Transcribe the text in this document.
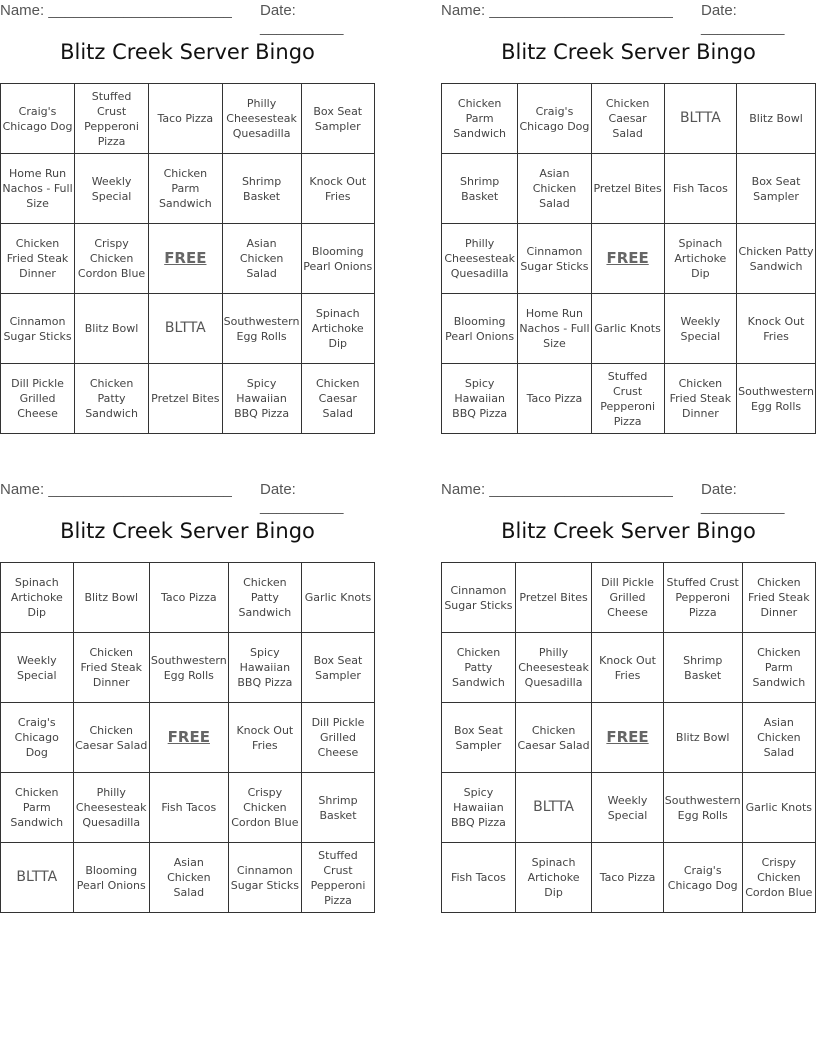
Name: ______________________ Date: __________
Blitz Creek Server Bingo
Craig's Chicago Dog	Stuffed Crust Pepperoni Pizza	Taco Pizza	Philly Cheesesteak Quesadilla	Box Seat Sampler
Home Run Nachos - Full Size	Weekly Special	Chicken Parm Sandwich	Shrimp Basket	Knock Out Fries
Chicken Fried Steak Dinner	Crispy Chicken Cordon Blue	FREE	Asian Chicken Salad	Blooming Pearl Onions
Cinnamon Sugar Sticks	Blitz Bowl	BLTTA	Southwestern Egg Rolls	Spinach Artichoke Dip
Dill Pickle Grilled Cheese	Chicken Patty Sandwich	Pretzel Bites	Spicy Hawaiian BBQ Pizza	Chicken Caesar Salad
Name: ______________________ Date: __________
Blitz Creek Server Bingo
Chicken Parm Sandwich	Craig's Chicago Dog	Chicken Caesar Salad	BLTTA	Blitz Bowl
Shrimp Basket	Asian Chicken Salad	Pretzel Bites	Fish Tacos	Box Seat Sampler
Philly Cheesesteak Quesadilla	Cinnamon Sugar Sticks	FREE	Spinach Artichoke Dip	Chicken Patty Sandwich
Blooming Pearl Onions	Home Run Nachos - Full Size	Garlic Knots	Weekly Special	Knock Out Fries
Spicy Hawaiian BBQ Pizza	Taco Pizza	Stuffed Crust Pepperoni Pizza	Chicken Fried Steak Dinner	Southwestern Egg Rolls
Name: ______________________ Date: __________
Blitz Creek Server Bingo
Spinach Artichoke Dip	Blitz Bowl	Taco Pizza	Chicken Patty Sandwich	Garlic Knots
Weekly Special	Chicken Fried Steak Dinner	Southwestern Egg Rolls	Spicy Hawaiian BBQ Pizza	Box Seat Sampler
Craig's Chicago Dog	Chicken Caesar Salad	FREE	Knock Out Fries	Dill Pickle Grilled Cheese
Chicken Parm Sandwich	Philly Cheesesteak Quesadilla	Fish Tacos	Crispy Chicken Cordon Blue	Shrimp Basket
BLTTA	Blooming Pearl Onions	Asian Chicken Salad	Cinnamon Sugar Sticks	Stuffed Crust Pepperoni Pizza
Name: ______________________ Date: __________
Blitz Creek Server Bingo
Cinnamon Sugar Sticks	Pretzel Bites	Dill Pickle Grilled Cheese	Stuffed Crust Pepperoni Pizza	Chicken Fried Steak Dinner
Chicken Patty Sandwich	Philly Cheesesteak Quesadilla	Knock Out Fries	Shrimp Basket	Chicken Parm Sandwich
Box Seat Sampler	Chicken Caesar Salad	FREE	Blitz Bowl	Asian Chicken Salad
Spicy Hawaiian BBQ Pizza	BLTTA	Weekly Special	Southwestern Egg Rolls	Garlic Knots
Fish Tacos	Spinach Artichoke Dip	Taco Pizza	Craig's Chicago Dog	Crispy Chicken Cordon Blue
